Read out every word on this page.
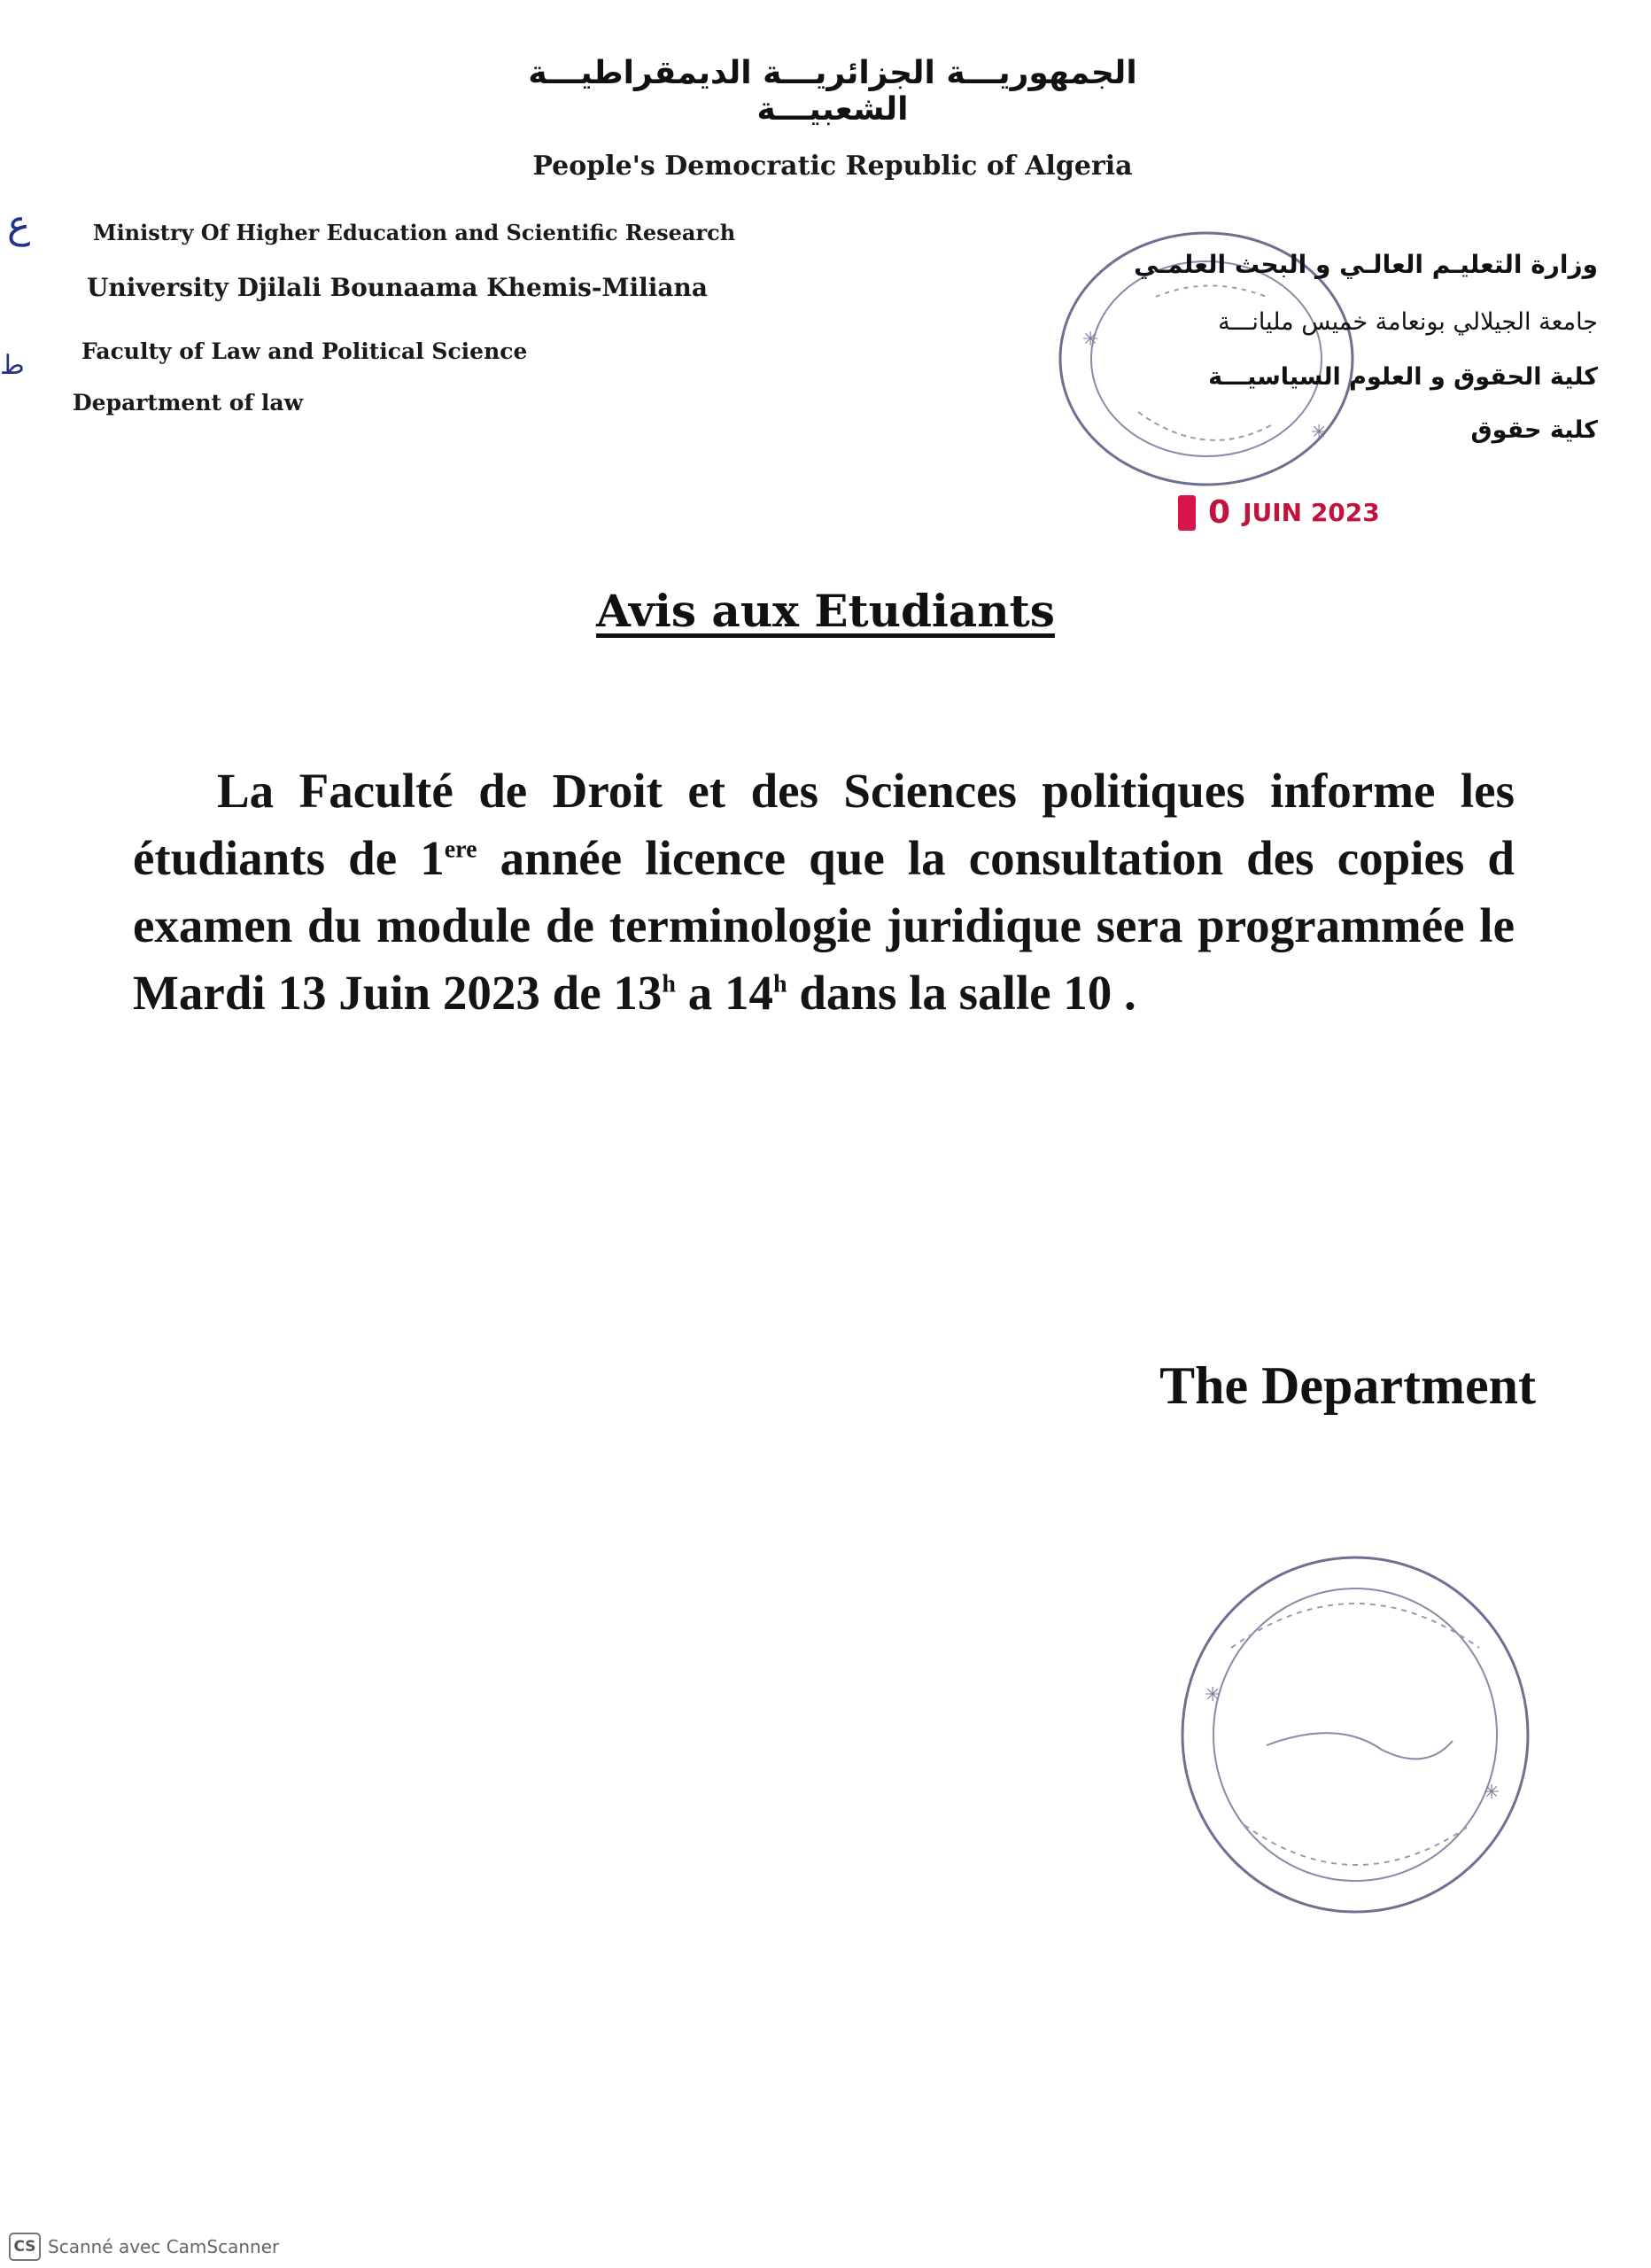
الجمهوريـــة الجزائريـــة الديمقراطيـــة الشعبيـــة
People's Democratic Republic of Algeria
Ministry Of Higher Education and Scientific Research
University Djilali Bounaama Khemis-Miliana
Faculty of Law and Political Science
Department of law
ع
ط
✳
✳
وزارة التعليـم العالـي و البحث العلمـي
جامعة الجيلالي بونعامة خميس مليانـــة
كلية الحقوق و العلوم السياسيـــة
كلية حقوق
0 JUIN 2023
Avis aux Etudiants
La Faculté de Droit et des Sciences politiques informe les étudiants de 1ere année licence que la consultation des copies d examen du module de terminologie juridique sera programmée le Mardi 13 Juin 2023 de 13$^h$ a 14$^h$ dans la salle 10 .
The Department
✳
✳
CS Scanné avec CamScanner
